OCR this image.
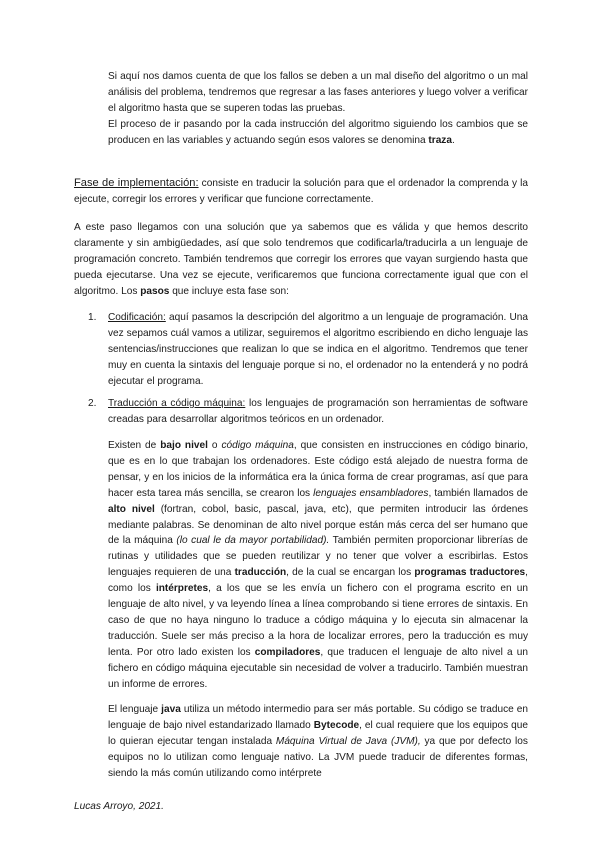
Si aquí nos damos cuenta de que los fallos se deben a un mal diseño del algoritmo o un mal análisis del problema, tendremos que regresar a las fases anteriores y luego volver a verificar el algoritmo hasta que se superen todas las pruebas.
El proceso de ir pasando por la cada instrucción del algoritmo siguiendo los cambios que se producen en las variables y actuando según esos valores se denomina traza.

Fase de implementación: consiste en traducir la solución para que el ordenador la comprenda y la ejecute, corregir los errores y verificar que funcione correctamente.

A este paso llegamos con una solución que ya sabemos que es válida y que hemos descrito claramente y sin ambigüedades, así que solo tendremos que codificarla/traducirla a un lenguaje de programación concreto. También tendremos que corregir los errores que vayan surgiendo hasta que pueda ejecutarse. Una vez se ejecute, verificaremos que funciona correctamente igual que con el algoritmo. Los pasos que incluye esta fase son:

1. Codificación: aquí pasamos la descripción del algoritmo a un lenguaje de programación. Una vez sepamos cuál vamos a utilizar, seguiremos el algoritmo escribiendo en dicho lenguaje las sentencias/instrucciones que realizan lo que se indica en el algoritmo. Tendremos que tener muy en cuenta la sintaxis del lenguaje porque si no, el ordenador no la entenderá y no podrá ejecutar el programa.

2. Traducción a código máquina: los lenguajes de programación son herramientas de software creadas para desarrollar algoritmos teóricos en un ordenador.

Existen de bajo nivel o código máquina, que consisten en instrucciones en código binario, que es en lo que trabajan los ordenadores. Este código está alejado de nuestra forma de pensar, y en los inicios de la informática era la única forma de crear programas, así que para hacer esta tarea más sencilla, se crearon los lenguajes ensambladores, también llamados de alto nivel (fortran, cobol, basic, pascal, java, etc), que permiten introducir las órdenes mediante palabras. Se denominan de alto nivel porque están más cerca del ser humano que de la máquina (lo cual le da mayor portabilidad). También permiten proporcionar librerías de rutinas y utilidades que se pueden reutilizar y no tener que volver a escribirlas. Estos lenguajes requieren de una traducción, de la cual se encargan los programas traductores, como los intérpretes, a los que se les envía un fichero con el programa escrito en un lenguaje de alto nivel, y va leyendo línea a línea comprobando si tiene errores de sintaxis. En caso de que no haya ninguno lo traduce a código máquina y lo ejecuta sin almacenar la traducción. Suele ser más preciso a la hora de localizar errores, pero la traducción es muy lenta. Por otro lado existen los compiladores, que traducen el lenguaje de alto nivel a un fichero en código máquina ejecutable sin necesidad de volver a traducirlo. También muestran un informe de errores.

El lenguaje java utiliza un método intermedio para ser más portable. Su código se traduce en lenguaje de bajo nivel estandarizado llamado Bytecode, el cual requiere que los equipos que lo quieran ejecutar tengan instalada Máquina Virtual de Java (JVM), ya que por defecto los equipos no lo utilizan como lenguaje nativo. La JVM puede traducir de diferentes formas, siendo la más común utilizando como intérprete

Lucas Arroyo, 2021.
